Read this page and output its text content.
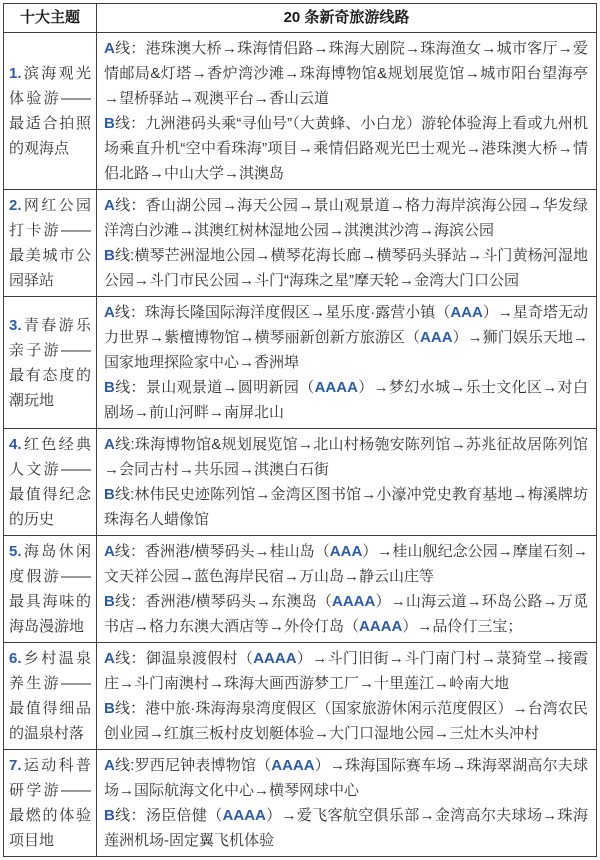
十大主题	20 条新奇旅游线路
1.滨海观光体验游——最适合拍照的观海点	A线：港珠澳大桥→珠海情侣路→珠海大剧院→珠海渔女→城市客厅→爱情邮局&灯塔→香炉湾沙滩→珠海博物馆&规划展览馆→城市阳台望海亭→望桥驿站→观澳平台→香山云道
B线：九洲港码头乘“寻仙号”（大黄蜂、小白龙）游轮体验海上看或九州机场乘直升机“空中看珠海”项目→乘情侣路观光巴士观光→港珠澳大桥→情侣北路→中山大学→淇澳岛

2.网红公园打卡游——最美城市公园驿站	A线：香山湖公园→海天公园→景山观景道→格力海岸滨海公园→华发绿洋湾白沙滩→淇澳红树林湿地公园→淇澳淇沙湾→海滨公园
B线:横琴芒洲湿地公园→横琴花海长廊→横琴码头驿站→斗门黄杨河湿地公园→斗门市民公园→斗门“海珠之星”摩天轮→金湾大门口公园

3.青春游乐亲子游——最有态度的潮玩地	A线：珠海长隆国际海洋度假区→星乐度·露营小镇（AAA）→星奇塔无动力世界→紫檀博物馆→横琴丽新创新方旅游区（AAA）→狮门娱乐天地→国家地理探险家中心→香洲埠
B线：景山观景道→圆明新园（AAAA）→梦幻水城→乐士文化区→对白剧场→前山河畔→南屏北山

4.红色经典人文游——最值得纪念的历史	A线:珠海博物馆&规划展览馆→北山村杨匏安陈列馆→苏兆征故居陈列馆→会同古村→共乐园→淇澳白石街
B线:林伟民史迹陈列馆→金湾区图书馆→小濠冲党史教育基地→梅溪牌坊珠海名人蜡像馆

5.海岛休闲度假游——最具海味的海岛漫游地	A线：香洲港/横琴码头→桂山岛（AAA）→桂山舰纪念公园→摩崖石刻→文天祥公园→蓝色海岸民宿→万山岛→静云山庄等
B线：香洲港/横琴码头→东澳岛（AAAA）→山海云道→环岛公路→万觅书店→格力东澳大酒店等→外伶仃岛（AAAA）→品伶仃三宝；

6.乡村温泉养生游——最值得细品的温泉村落	A线：御温泉渡假村（AAAA）→斗门旧街→斗门南门村→菉猗堂→接霞庄→斗门南澳村→珠海大画西游梦工厂→十里莲江→岭南大地
B线：港中旅·珠海海泉湾度假区（国家旅游休闲示范度假区）→台湾农民创业园→红旗三板村皮划艇体验→大门口湿地公园→三灶木头冲村

7.运动科普研学游——最燃的体验项目地	A线:罗西尼钟表博物馆（AAAA）→珠海国际赛车场→珠海翠湖高尔夫球场→国际航海文化中心→横琴网球中心
B线：汤臣倍健（AAAA）→爱飞客航空俱乐部→金湾高尔夫球场→珠海莲洲机场-固定翼飞机体验
